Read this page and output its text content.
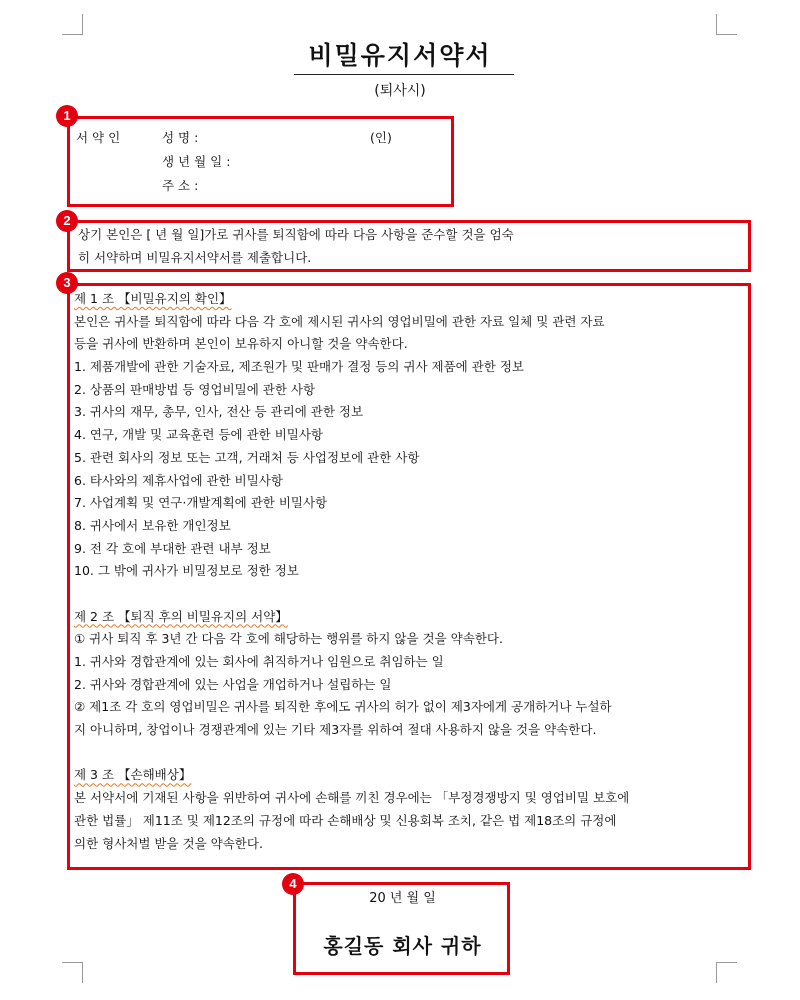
비밀유지서약서
(퇴사시)
1
서 약 인	성 명 :	(인)
생 년 월 일 :
주 소 :
2

상기 본인은 [ 년 월 일]가로 귀사를 퇴직함에 따라 다음 사항을 준수할 것을 엄숙

히 서약하며 비밀유지서약서를 제출합니다.

3
제 1 조 【비밀유지의 확인】
본인은 귀사를 퇴직함에 따라 다음 각 호에 제시된 귀사의 영업비밀에 관한 자료 일체 및 관련 자료
등을 귀사에 반환하며 본인이 보유하지 아니할 것을 약속한다.
1. 제품개발에 관한 기술자료, 제조원가 및 판매가 결정 등의 귀사 제품에 관한 정보
2. 상품의 판매방법 등 영업비밀에 관한 사항
3. 귀사의 재무, 총무, 인사, 전산 등 관리에 관한 정보
4. 연구, 개발 및 교육훈련 등에 관한 비밀사항
5. 관련 회사의 정보 또는 고객, 거래처 등 사업정보에 관한 사항
6. 타사와의 제휴사업에 관한 비밀사항
7. 사업계획 및 연구·개발계획에 관한 비밀사항
8. 귀사에서 보유한 개인정보
9. 전 각 호에 부대한 관련 내부 정보
10. 그 밖에 귀사가 비밀정보로 정한 정보
제 2 조 【퇴직 후의 비밀유지의 서약】
① 귀사 퇴직 후 3년 간 다음 각 호에 해당하는 행위를 하지 않을 것을 약속한다.
1. 귀사와 경합관계에 있는 회사에 취직하거나 임원으로 취임하는 일
2. 귀사와 경합관계에 있는 사업을 개업하거나 설립하는 일
② 제1조 각 호의 영업비밀은 귀사를 퇴직한 후에도 귀사의 허가 없이 제3자에게 공개하거나 누설하
지 아니하며, 창업이나 경쟁관계에 있는 기타 제3자를 위하여 절대 사용하지 않을 것을 약속한다.
제 3 조 【손해배상】
본 서약서에 기재된 사항을 위반하여 귀사에 손해를 끼친 경우에는 「부정경쟁방지 및 영업비밀 보호에
관한 법률」 제11조 및 제12조의 규정에 따라 손해배상 및 신용회복 조치, 같은 법 제18조의 규정에
의한 형사처벌 받을 것을 약속한다.
4
20 년 월 일
홍길동 회사 귀하
